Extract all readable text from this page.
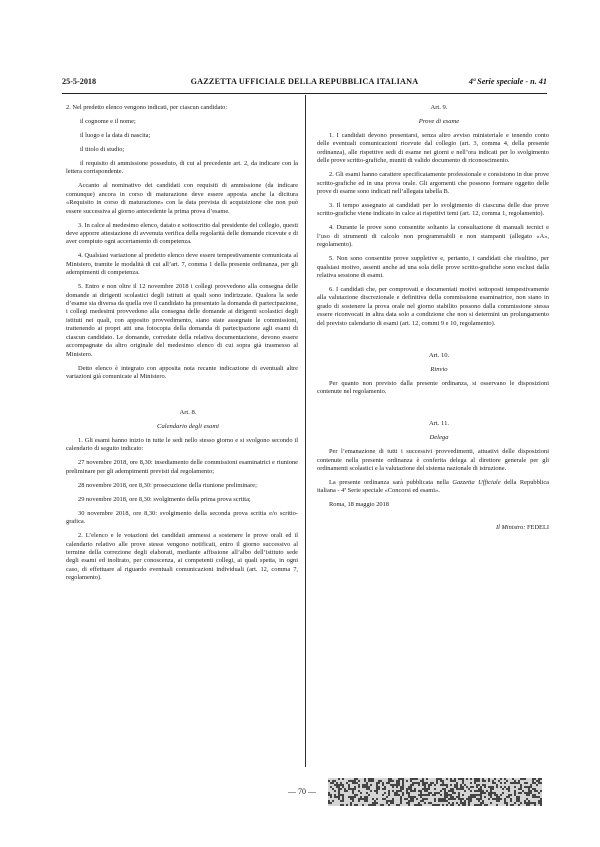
25-5-2018	GAZZETTA UFFICIALE DELLA REPUBBLICA ITALIANA	4ª Serie speciale - n. 41

2. Nel predetto elenco vengono indicati, per ciascun candidato:

il cognome e il nome;

il luogo e la data di nascita;

il titolo di studio;

il requisito di ammissione posseduto, di cui al precedente art. 2, da indicare con la lettera corrispondente.

Accanto al nominativo dei candidati con requisiti di ammissione (da indicare comunque) ancora in corso di maturazione deve essere apposta anche la dicitura «Requisito in corso di maturazione» con la data prevista di acquisizione che non può essere successiva al giorno antecedente la prima prova d’esame.

3. In calce al medesimo elenco, datato e sottoscritto dal presidente del collegio, questi deve apporre attestazione di avvenuta verifica della regolarità delle domande ricevute e di aver compiuto ogni accertamento di competenza.

4. Qualsiasi variazione al predetto elenco deve essere tempestivamente comunicata al Ministero, tramite le modalità di cui all’art. 7, comma 1 della presente ordinanza, per gli adempimenti di competenza.

5. Entro e non oltre il 12 novembre 2018 i collegi provvedono alla consegna delle domande ai dirigenti scolastici degli istituti ai quali sono indirizzate. Qualora la sede d’esame sia diversa da quella ove il candidato ha presentato la domanda di partecipazione, i collegi medesimi provvedono alla consegna delle domande ai dirigenti scolastici degli istituti nei quali, con apposito provvedimento, siano state assegnate le commissioni, trattenendo ai propri atti una fotocopia della domanda di partecipazione agli esami di ciascun candidato. Le domande, corredate della relativa documentazione, devono essere accompagnate da altro originale del medesimo elenco di cui sopra già trasmesso al Ministero.

Detto elenco è integrato con apposita nota recante indicazione di eventuali altre variazioni già comunicate al Ministero.

Art. 8.

Calendario degli esami

1. Gli esami hanno inizio in tutte le sedi nello stesso giorno e si svolgono secondo il calendario di seguito indicato:

27 novembre 2018, ore 8,30: insediamento delle commissioni esaminatrici e riunione preliminare per gli adempimenti previsti dal regolamento;

28 novembre 2018, ore 8,30: prosecuzione della riunione preliminare;

29 novembre 2018, ore 8,30: svolgimento della prima prova scritta;

30 novembre 2018, ore 8,30: svolgimento della seconda prova scritta e/o scritto-grafica.

2. L’elenco e le votazioni dei candidati ammessi a sostenere le prove orali ed il calendario relativo alle prove stesse vengono notificati, entro il giorno successivo al termine della correzione degli elaborati, mediante affissione all’albo dell’istituto sede degli esami ed inoltrato, per conoscenza, ai competenti collegi, ai quali spetta, in ogni caso, di effettuare al riguardo eventuali comunicazioni individuali (art. 12, comma 7, regolamento).

Art. 9.

Prove di esame

1. I candidati devono presentarsi, senza altro avviso ministeriale e tenendo conto delle eventuali comunicazioni ricevute dal collegio (art. 3, comma 4, della presente ordinanza), alle rispettive sedi di esame nei giorni e nell’ora indicati per lo svolgimento delle prove scritto-grafiche, muniti di valido documento di riconoscimento.

2. Gli esami hanno carattere specificatamente professionale e consistono in due prove scritto-grafiche ed in una prova orale. Gli argomenti che possono formare oggetto delle prove di esame sono indicati nell’allegata tabella B.

3. Il tempo assegnato ai candidati per lo svolgimento di ciascuna delle due prove scritto-grafiche viene indicato in calce ai rispettivi temi (art. 12, comma 1, regolamento).

4. Durante le prove sono consentite soltanto la consultazione di manuali tecnici e l’uso di strumenti di calcolo non programmabili e non stampanti (allegato «A», regolamento).

5. Non sono consentite prove suppletive e, pertanto, i candidati che risultino, per qualsiasi motivo, assenti anche ad una sola delle prove scritto-grafiche sono esclusi dalla relativa sessione di esami.

6. I candidati che, per comprovati e documentati motivi sottoposti tempestivamente alla valutazione discrezionale e definitiva della commissione esaminatrice, non siano in grado di sostenere la prova orale nel giorno stabilito possono dalla commissione stessa essere riconvocati in altra data solo a condizione che non si determini un prolungamento del previsto calendario di esami (art. 12, commi 9 e 10, regolamento).

Art. 10.

Rinvio

Per quanto non previsto dalla presente ordinanza, si osservano le disposizioni contenute nel regolamento.

Art. 11.

Delega

Per l’emanazione di tutti i successivi provvedimenti, attuativi delle disposizioni contenute nella presente ordinanza è conferita delega al direttore generale per gli ordinamenti scolastici e la valutazione del sistema nazionale di istruzione.

La presente ordinanza sarà pubblicata nella Gazzetta Ufficiale della Repubblica italiana - 4ª Serie speciale «Concorsi ed esami».

Roma, 18 maggio 2018

Il Ministro: FEDELI
— 70 —
